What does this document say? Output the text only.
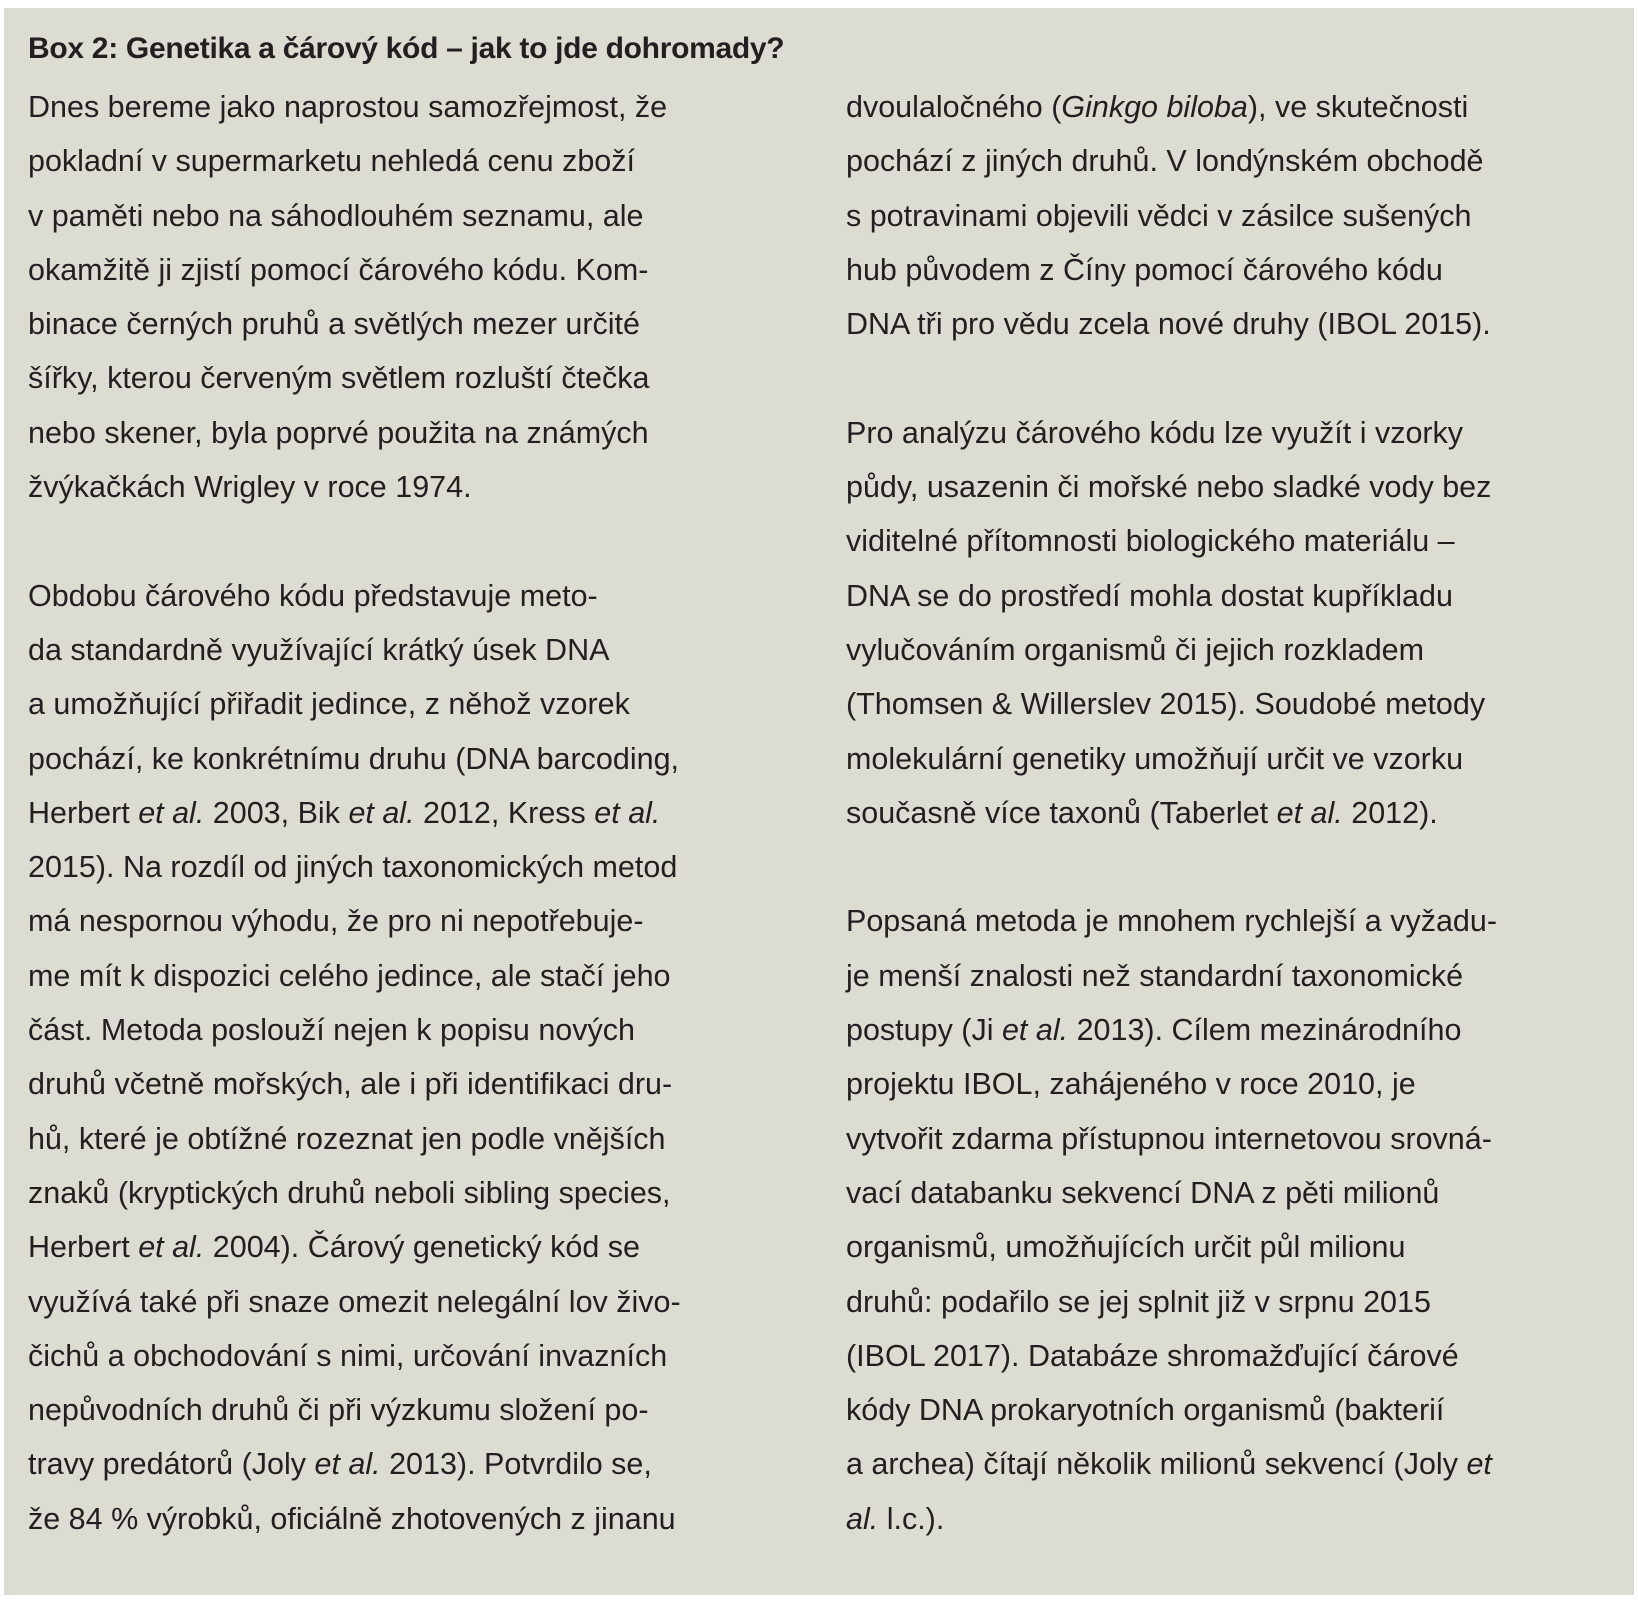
Box 2: Genetika a čárový kód – jak to jde dohromady?
Dnes bereme jako naprostou samozřejmost, že
pokladní v supermarketu nehledá cenu zboží
v paměti nebo na sáhodlouhém seznamu, ale
okamžitě ji zjistí pomocí čárového kódu. Kom-
binace černých pruhů a světlých mezer určité
šířky, kterou červeným světlem rozluští čtečka
nebo skener, byla poprvé použita na známých
žvýkačkách Wrigley v roce 1974.
Obdobu čárového kódu představuje meto-
da standardně využívající krátký úsek DNA
a umožňující přiřadit jedince, z něhož vzorek
pochází, ke konkrétnímu druhu (DNA barcoding,
Herbert et al. 2003, Bik et al. 2012, Kress et al.
2015). Na rozdíl od jiných taxonomických metod
má nespornou výhodu, že pro ni nepotřebuje-
me mít k dispozici celého jedince, ale stačí jeho
část. Metoda poslouží nejen k popisu nových
druhů včetně mořských, ale i při identifikaci dru-
hů, které je obtížné rozeznat jen podle vnějších
znaků (kryptických druhů neboli sibling species,
Herbert et al. 2004). Čárový genetický kód se
využívá také při snaze omezit nelegální lov živo-
čichů a obchodování s nimi, určování invazních
nepůvodních druhů či při výzkumu složení po-
travy predátorů (Joly et al. 2013). Potvrdilo se,
že 84 % výrobků, oficiálně zhotovených z jinanu
dvoulaločného (Ginkgo biloba), ve skutečnosti
pochází z jiných druhů. V londýnském obchodě
s potravinami objevili vědci v zásilce sušených
hub původem z Číny pomocí čárového kódu
DNA tři pro vědu zcela nové druhy (IBOL 2015).
Pro analýzu čárového kódu lze využít i vzorky
půdy, usazenin či mořské nebo sladké vody bez
viditelné přítomnosti biologického materiálu –
DNA se do prostředí mohla dostat kupříkladu
vylučováním organismů či jejich rozkladem
(Thomsen & Willerslev 2015). Soudobé metody
molekulární genetiky umožňují určit ve vzorku
současně více taxonů (Taberlet et al. 2012).
Popsaná metoda je mnohem rychlejší a vyžadu-
je menší znalosti než standardní taxonomické
postupy (Ji et al. 2013). Cílem mezinárodního
projektu IBOL, zahájeného v roce 2010, je
vytvořit zdarma přístupnou internetovou srovná-
vací databanku sekvencí DNA z pěti milionů
organismů, umožňujících určit půl milionu
druhů: podařilo se jej splnit již v srpnu 2015
(IBOL 2017). Databáze shromažďující čárové
kódy DNA prokaryotních organismů (bakterií
a archea) čítají několik milionů sekvencí (Joly et
al. l.c.).
